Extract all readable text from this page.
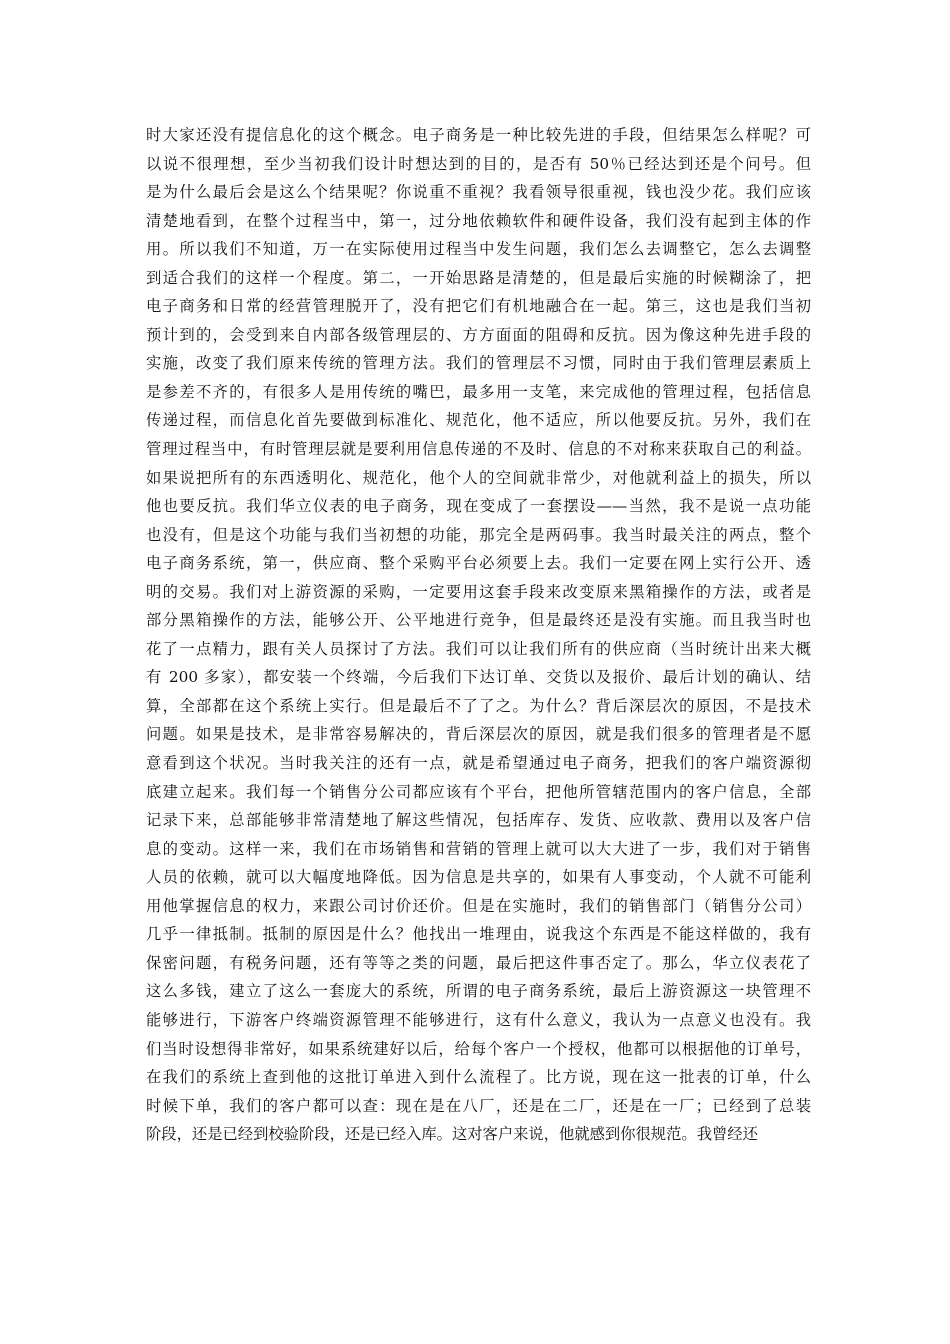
时大家还没有提信息化的这个概念。电子商务是一种比较先进的手段，但结果怎么样呢？可
以说不很理想，至少当初我们设计时想达到的目的，是否有 50％已经达到还是个问号。但
是为什么最后会是这么个结果呢？你说重不重视？我看领导很重视，钱也没少花。我们应该
清楚地看到，在整个过程当中，第一，过分地依赖软件和硬件设备，我们没有起到主体的作
用。所以我们不知道，万一在实际使用过程当中发生问题，我们怎么去调整它，怎么去调整
到适合我们的这样一个程度。第二，一开始思路是清楚的，但是最后实施的时候糊涂了，把
电子商务和日常的经营管理脱开了，没有把它们有机地融合在一起。第三，这也是我们当初
预计到的，会受到来自内部各级管理层的、方方面面的阻碍和反抗。因为像这种先进手段的
实施，改变了我们原来传统的管理方法。我们的管理层不习惯，同时由于我们管理层素质上
是参差不齐的，有很多人是用传统的嘴巴，最多用一支笔，来完成他的管理过程，包括信息
传递过程，而信息化首先要做到标准化、规范化，他不适应，所以他要反抗。另外，我们在
管理过程当中，有时管理层就是要利用信息传递的不及时、信息的不对称来获取自己的利益。
如果说把所有的东西透明化、规范化，他个人的空间就非常少，对他就利益上的损失，所以
他也要反抗。我们华立仪表的电子商务，现在变成了一套摆设——当然，我不是说一点功能
也没有，但是这个功能与我们当初想的功能，那完全是两码事。我当时最关注的两点，整个
电子商务系统，第一，供应商、整个采购平台必须要上去。我们一定要在网上实行公开、透
明的交易。我们对上游资源的采购，一定要用这套手段来改变原来黑箱操作的方法，或者是
部分黑箱操作的方法，能够公开、公平地进行竞争，但是最终还是没有实施。而且我当时也
花了一点精力，跟有关人员探讨了方法。我们可以让我们所有的供应商（当时统计出来大概
有 200 多家），都安装一个终端，今后我们下达订单、交货以及报价、最后计划的确认、结
算，全部都在这个系统上实行。但是最后不了了之。为什么？背后深层次的原因，不是技术
问题。如果是技术，是非常容易解决的，背后深层次的原因，就是我们很多的管理者是不愿
意看到这个状况。当时我关注的还有一点，就是希望通过电子商务，把我们的客户端资源彻
底建立起来。我们每一个销售分公司都应该有个平台，把他所管辖范围内的客户信息，全部
记录下来，总部能够非常清楚地了解这些情况，包括库存、发货、应收款、费用以及客户信
息的变动。这样一来，我们在市场销售和营销的管理上就可以大大进了一步，我们对于销售
人员的依赖，就可以大幅度地降低。因为信息是共享的，如果有人事变动，个人就不可能利
用他掌握信息的权力，来跟公司讨价还价。但是在实施时，我们的销售部门（销售分公司）
几乎一律抵制。抵制的原因是什么？他找出一堆理由，说我这个东西是不能这样做的，我有
保密问题，有税务问题，还有等等之类的问题，最后把这件事否定了。那么，华立仪表花了
这么多钱，建立了这么一套庞大的系统，所谓的电子商务系统，最后上游资源这一块管理不
能够进行，下游客户终端资源管理不能够进行，这有什么意义，我认为一点意义也没有。我
们当时设想得非常好，如果系统建好以后，给每个客户一个授权，他都可以根据他的订单号，
在我们的系统上查到他的这批订单进入到什么流程了。比方说，现在这一批表的订单，什么
时候下单，我们的客户都可以查：现在是在八厂，还是在二厂，还是在一厂；已经到了总装
阶段，还是已经到校验阶段，还是已经入库。这对客户来说，他就感到你很规范。我曾经还
